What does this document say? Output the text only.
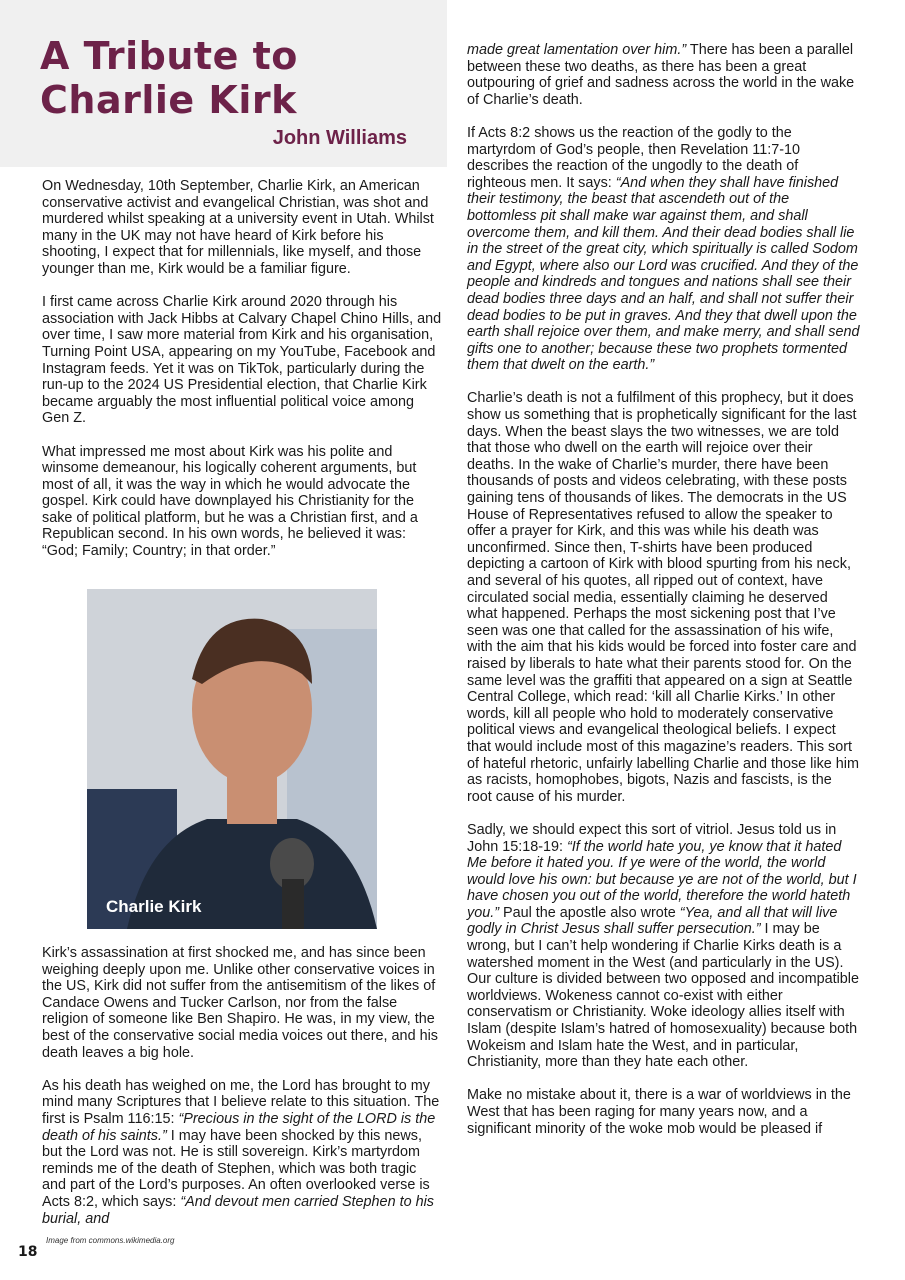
A Tribute to
Charlie Kirk
John Williams

On Wednesday, 10th September, Charlie Kirk, an American conservative activist and evangelical Christian, was shot and murdered whilst speaking at a university event in Utah. Whilst many in the UK may not have heard of Kirk before his shooting, I expect that for millennials, like myself, and those younger than me, Kirk would be a familiar figure.

I first came across Charlie Kirk around 2020 through his association with Jack Hibbs at Calvary Chapel Chino Hills, and over time, I saw more material from Kirk and his organisation, Turning Point USA, appearing on my YouTube, Facebook and Instagram feeds. Yet it was on TikTok, particularly during the run-up to the 2024 US Presidential election, that Charlie Kirk became arguably the most influential political voice among Gen Z.

What impressed me most about Kirk was his polite and winsome demeanour, his logically coherent arguments, but most of all, it was the way in which he would advocate the gospel. Kirk could have downplayed his Christianity for the sake of political platform, but he was a Christian first, and a Republican second. In his own words, he believed it was: “God; Family; Country; in that order.”

Charlie Kirk

Kirk’s assassination at first shocked me, and has since been weighing deeply upon me. Unlike other conservative voices in the US, Kirk did not suffer from the antisemitism of the likes of Candace Owens and Tucker Carlson, nor from the false religion of someone like Ben Shapiro. He was, in my view, the best of the conservative social media voices out there, and his death leaves a big hole.

As his death has weighed on me, the Lord has brought to my mind many Scriptures that I believe relate to this situation. The first is Psalm 116:15: “Precious in the sight of the LORD is the death of his saints.” I may have been shocked by this news, but the Lord was not. He is still sovereign. Kirk’s martyrdom reminds me of the death of Stephen, which was both tragic and part of the Lord’s purposes. An often overlooked verse is Acts 8:2, which says: “And devout men carried Stephen to his burial, and

Image from commons.wikimedia.org
18

made great lamentation over him.” There has been a parallel between these two deaths, as there has been a great outpouring of grief and sadness across the world in the wake of Charlie’s death.

If Acts 8:2 shows us the reaction of the godly to the martyrdom of God’s people, then Revelation 11:7-10 describes the reaction of the ungodly to the death of righteous men. It says: “And when they shall have finished their testimony, the beast that ascendeth out of the bottomless pit shall make war against them, and shall overcome them, and kill them. And their dead bodies shall lie in the street of the great city, which spiritually is called Sodom and Egypt, where also our Lord was crucified. And they of the people and kindreds and tongues and nations shall see their dead bodies three days and an half, and shall not suffer their dead bodies to be put in graves. And they that dwell upon the earth shall rejoice over them, and make merry, and shall send gifts one to another; because these two prophets tormented them that dwelt on the earth.”

Charlie’s death is not a fulfilment of this prophecy, but it does show us something that is prophetically significant for the last days. When the beast slays the two witnesses, we are told that those who dwell on the earth will rejoice over their deaths. In the wake of Charlie’s murder, there have been thousands of posts and videos celebrating, with these posts gaining tens of thousands of likes. The democrats in the US House of Representatives refused to allow the speaker to offer a prayer for Kirk, and this was while his death was unconfirmed. Since then, T-shirts have been produced depicting a cartoon of Kirk with blood spurting from his neck, and several of his quotes, all ripped out of context, have circulated social media, essentially claiming he deserved what happened. Perhaps the most sickening post that I’ve seen was one that called for the assassination of his wife, with the aim that his kids would be forced into foster care and raised by liberals to hate what their parents stood for. On the same level was the graffiti that appeared on a sign at Seattle Central College, which read: ‘kill all Charlie Kirks.’ In other words, kill all people who hold to moderately conservative political views and evangelical theological beliefs. I expect that would include most of this magazine’s readers. This sort of hateful rhetoric, unfairly labelling Charlie and those like him as racists, homophobes, bigots, Nazis and fascists, is the root cause of his murder.

Sadly, we should expect this sort of vitriol. Jesus told us in John 15:18-19: “If the world hate you, ye know that it hated Me before it hated you. If ye were of the world, the world would love his own: but because ye are not of the world, but I have chosen you out of the world, therefore the world hateth you.” Paul the apostle also wrote “Yea, and all that will live godly in Christ Jesus shall suffer persecution.” I may be wrong, but I can’t help wondering if Charlie Kirks death is a watershed moment in the West (and particularly in the US). Our culture is divided between two opposed and incompatible worldviews. Wokeness cannot co-exist with either conservatism or Christianity. Woke ideology allies itself with Islam (despite Islam’s hatred of homosexuality) because both Wokeism and Islam hate the West, and in particular, Christianity, more than they hate each other.

Make no mistake about it, there is a war of worldviews in the West that has been raging for many years now, and a significant minority of the woke mob would be pleased if
